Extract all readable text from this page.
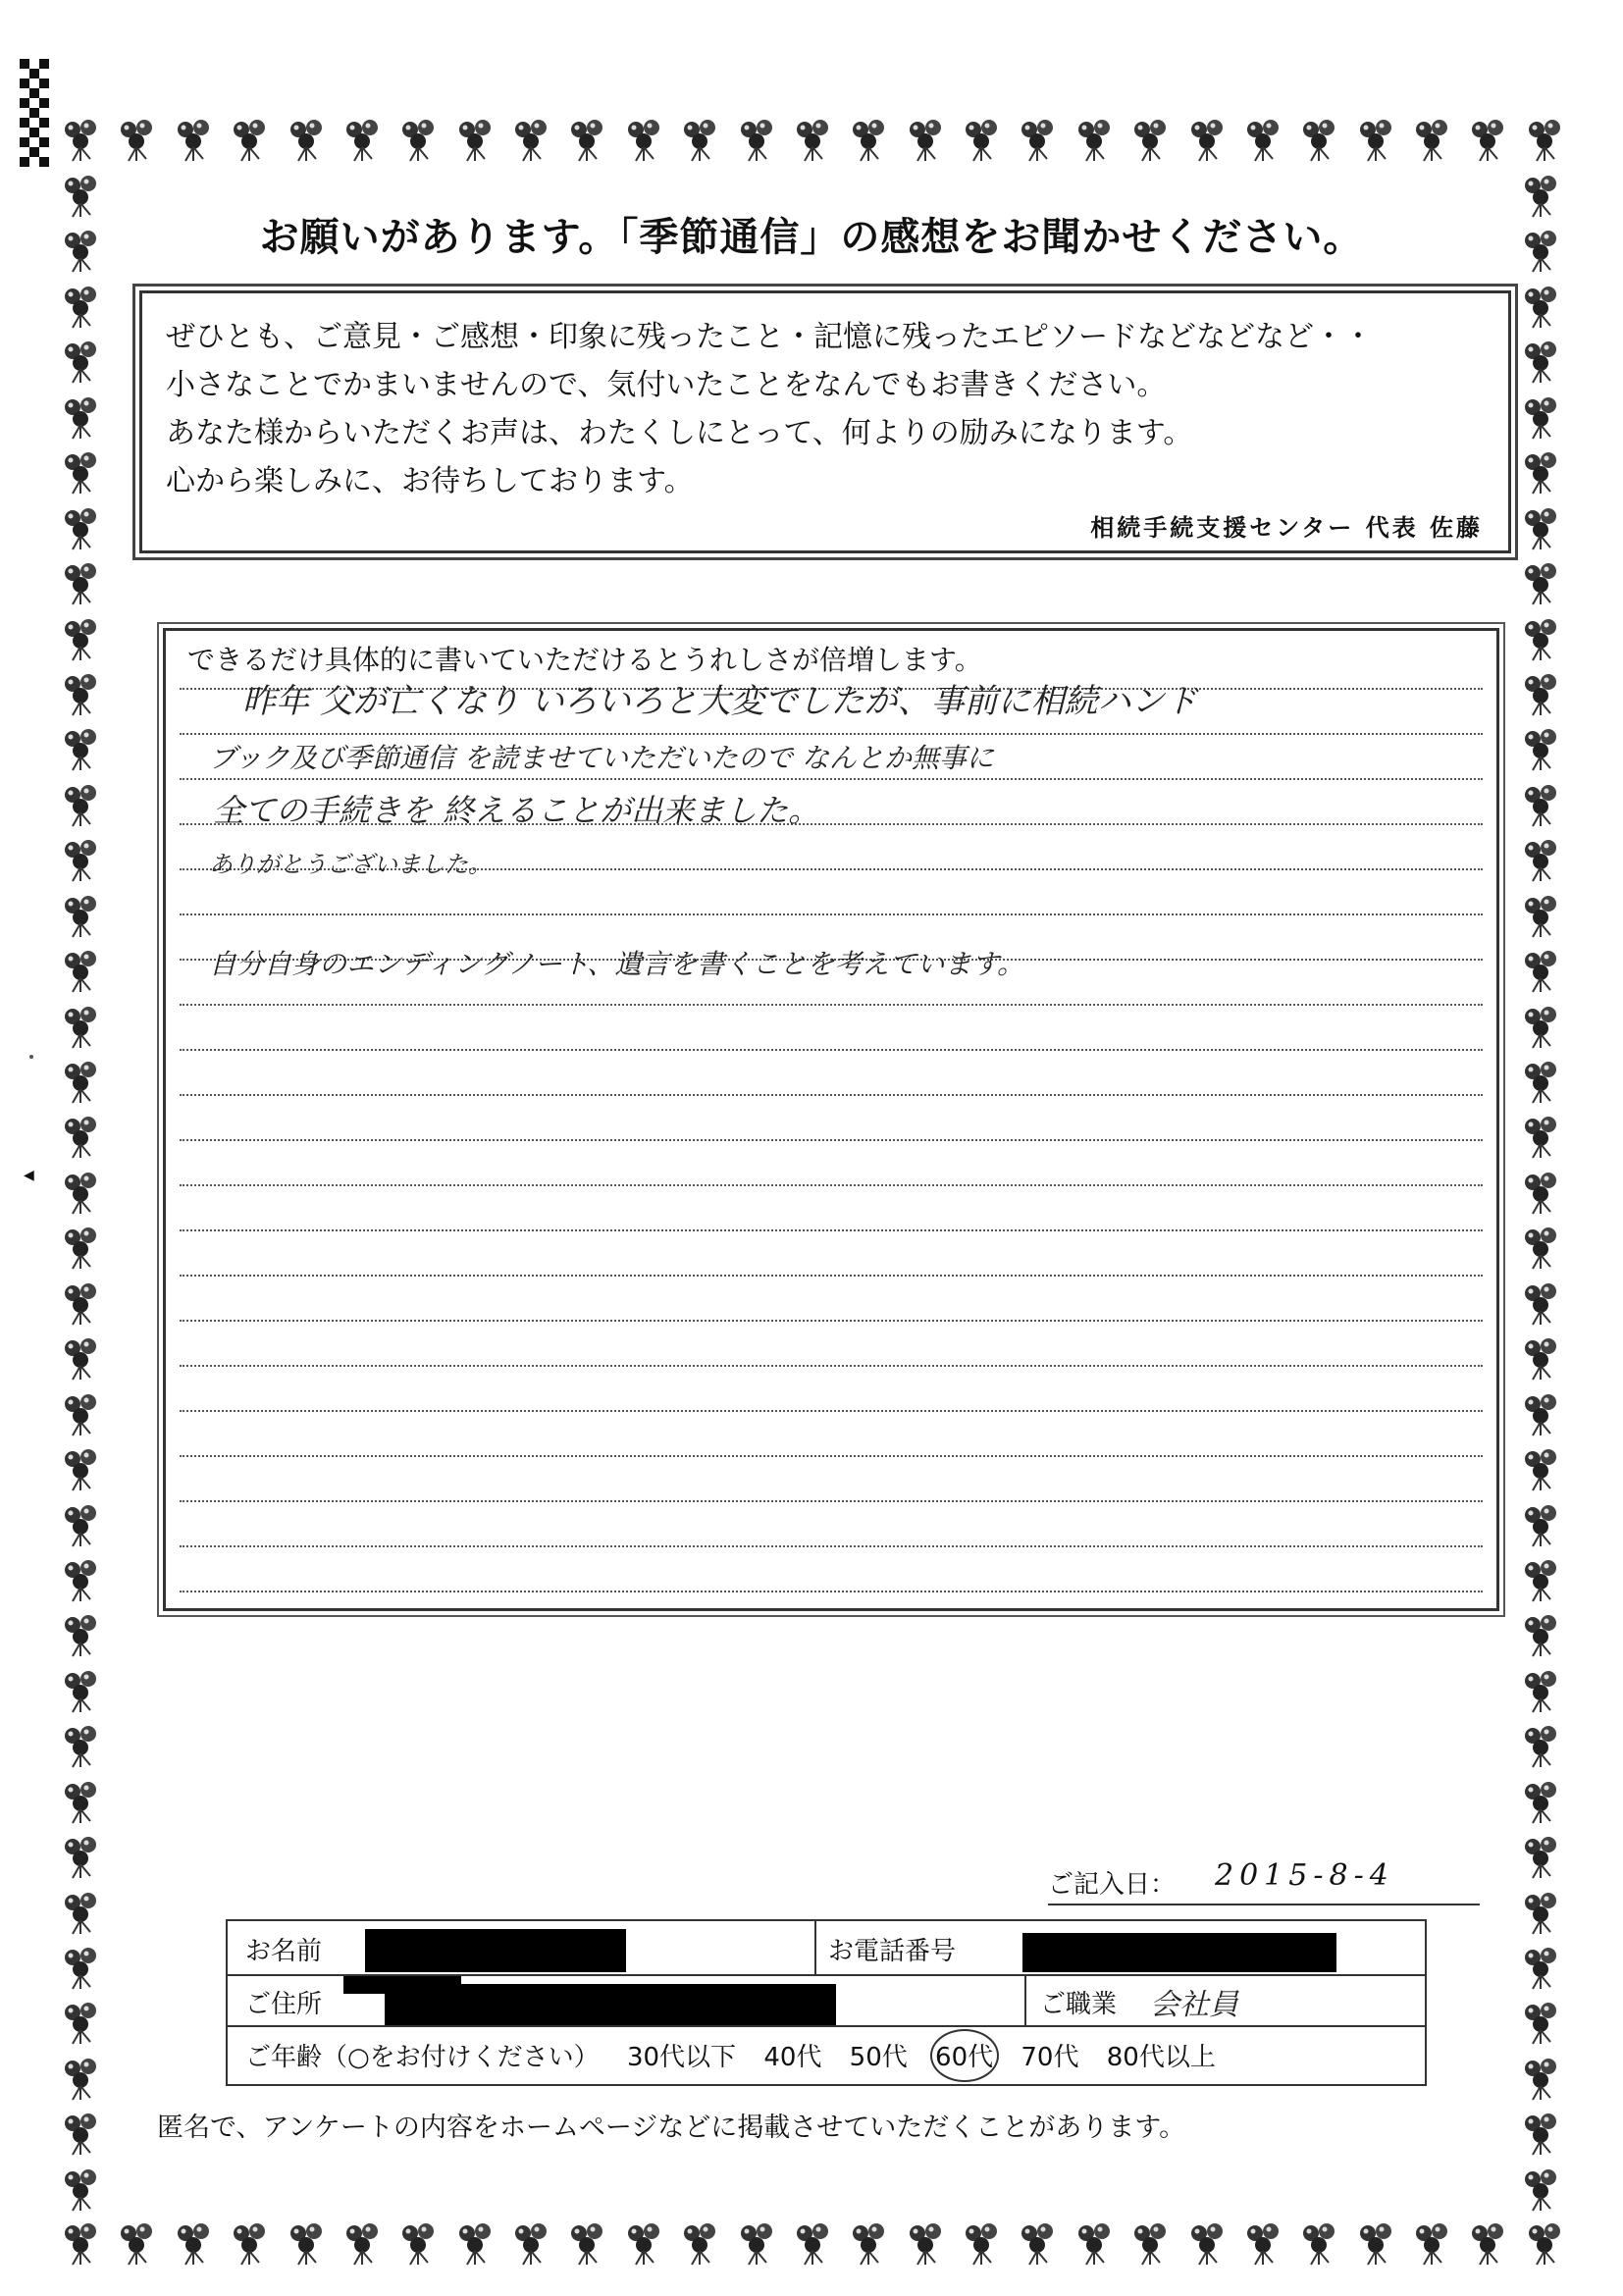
◀
お願いがあります。「季節通信」の感想をお聞かせください。
ぜひとも、ご意見・ご感想・印象に残ったこと・記憶に残ったエピソードなどなどなど・・
小さなことでかまいませんので、気付いたことをなんでもお書きください。
あなた様からいただくお声は、わたくしにとって、何よりの励みになります。
心から楽しみに、お待ちしております。
相続手続支援センター 代表 佐藤
できるだけ具体的に書いていただけるとうれしさが倍増します。
昨年 父が亡くなり いろいろと大変でしたが、事前に相続ハンド
ブック及び季節通信 を読ませていただいたので なんとか無事に
全ての手続きを 終えることが出来ました。
ありがとうございました。
自分自身のエンディングノート、遺言を書くことを考えています。
ご記入日： 2015-8-4
お名前	お電話番号
ご住所	ご職業 会社員
ご年齢（○をお付けください） 30代以下 40代 50代 60代 70代 80代以上
匿名で、アンケートの内容をホームページなどに掲載させていただくことがあります。
